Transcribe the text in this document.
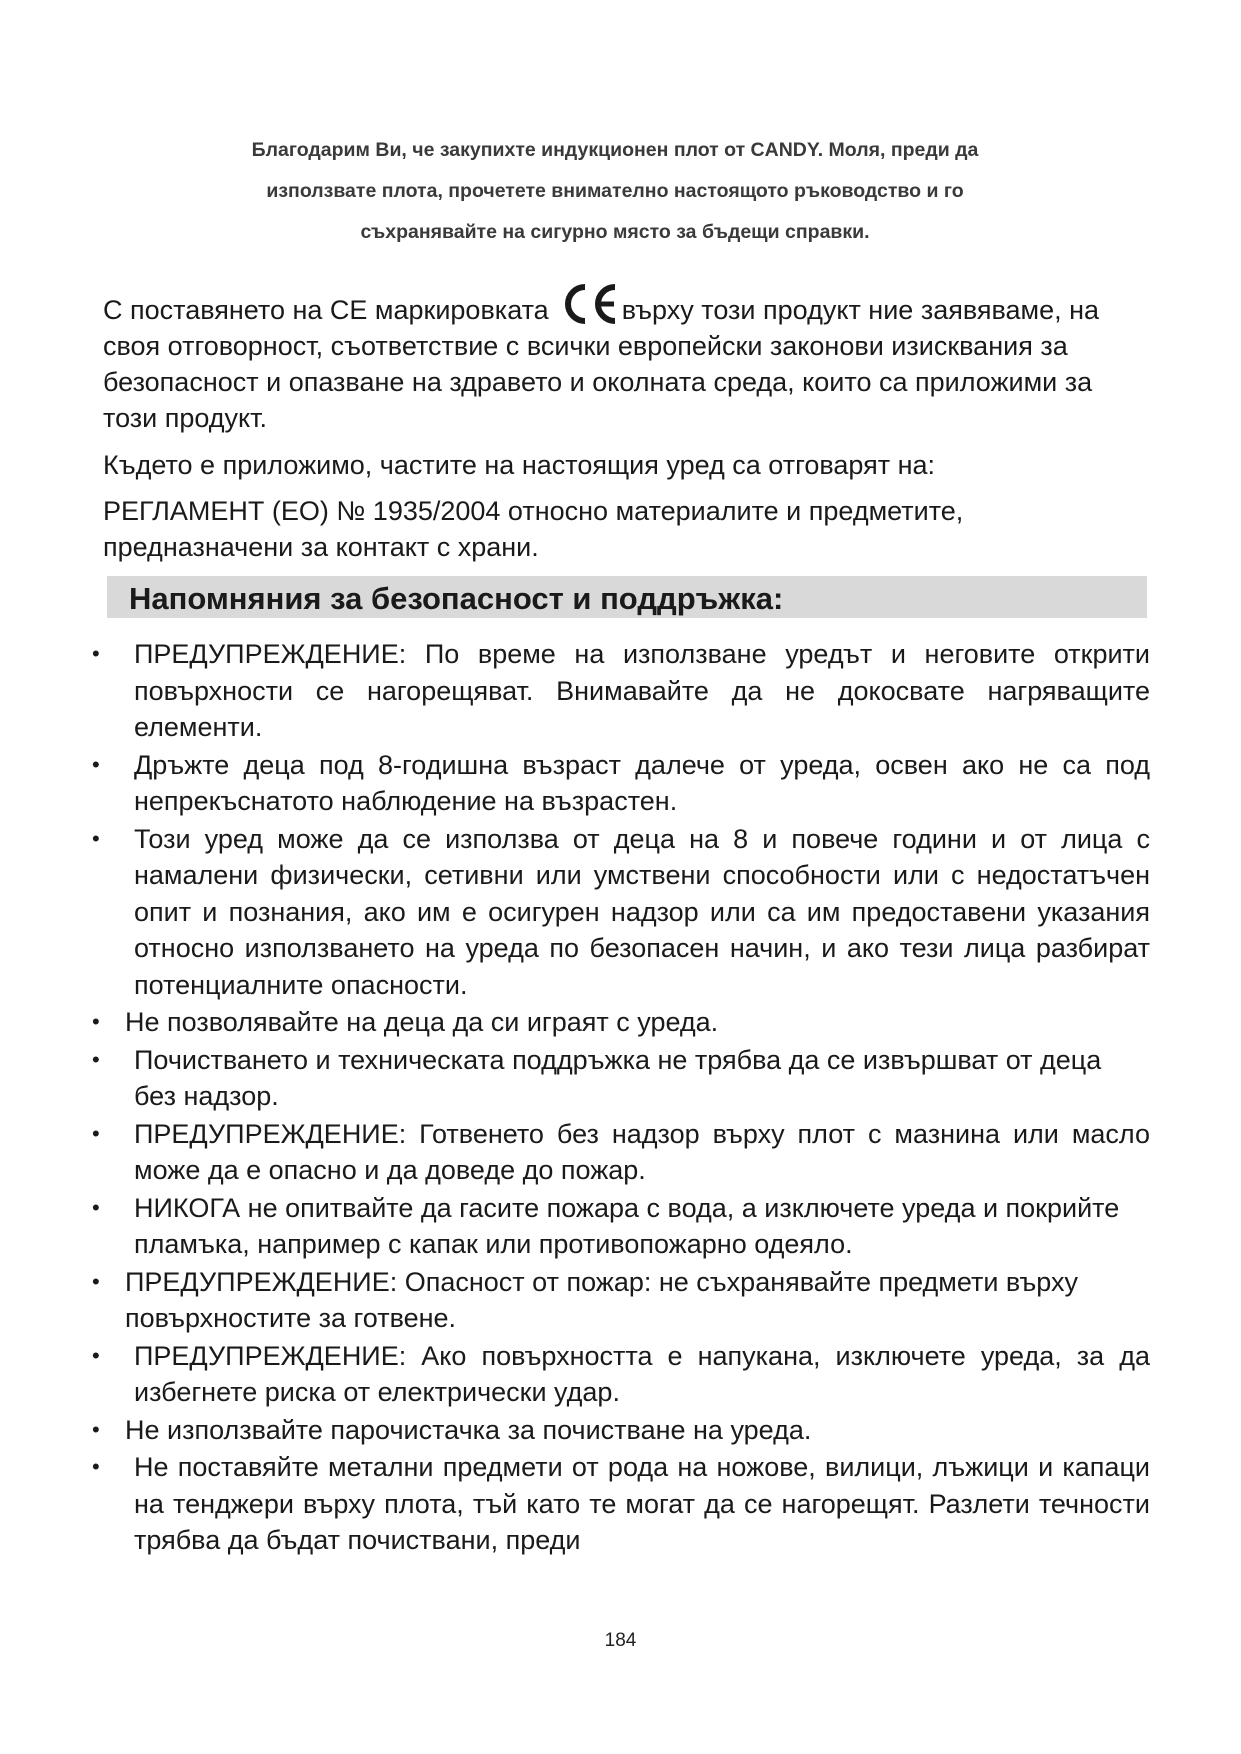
Благодарим Ви, че закупихте индукционен плот от CANDY. Моля, преди да
използвате плота, прочетете внимателно настоящото ръководство и го
съхранявайте на сигурно място за бъдещи справки.

С поставянето на СЕ маркировката	върху този продукт ние заявяваме, на своя отговорност, съответствие с всички европейски законови изисквания за безопасност и опазване на здравето и околната среда, които са приложими за този продукт.

Където е приложимо, частите на настоящия уред са отговарят на:

РЕГЛАМЕНТ (ЕО) № 1935/2004 относно материалите и предметите, предназначени за контакт с храни.

Напомняния за безопасност и поддръжка:
• ПРЕДУПРЕЖДЕНИЕ: По време на използване уредът и неговите открити повърхности се нагорещяват. Внимавайте да не докосвате нагряващите елементи.
• Дръжте деца под 8-годишна възраст далече от уреда, освен ако не са под непрекъснатото наблюдение на възрастен.
• Този уред може да се използва от деца на 8 и повече години и от лица с намалени физически, сетивни или умствени способности или с недостатъчен опит и познания, ако им е осигурен надзор или са им предоставени указания относно използването на уреда по безопасен начин, и ако тези лица разбират потенциалните опасности.
• Не позволявайте на деца да си играят с уреда.
• Почистването и техническата поддръжка не трябва да се извършват от деца без надзор.
• ПРЕДУПРЕЖДЕНИЕ: Готвенето без надзор върху плот с мазнина или масло може да е опасно и да доведе до пожар.
• НИКОГА не опитвайте да гасите пожара с вода, а изключете уреда и покрийте пламъка, например с капак или противопожарно одеяло.
• ПРЕДУПРЕЖДЕНИЕ: Опасност от пожар: не съхранявайте предмети върху повърхностите за готвене.
• ПРЕДУПРЕЖДЕНИЕ: Ако повърхността е напукана, изключете уреда, за да избегнете риска от електрически удар.
• Не използвайте парочистачка за почистване на уреда.
• Не поставяйте метални предмети от рода на ножове, вилици, лъжици и капаци на тенджери върху плота, тъй като те могат да се нагорещят. Разлети течности трябва да бъдат почиствани, преди
184
